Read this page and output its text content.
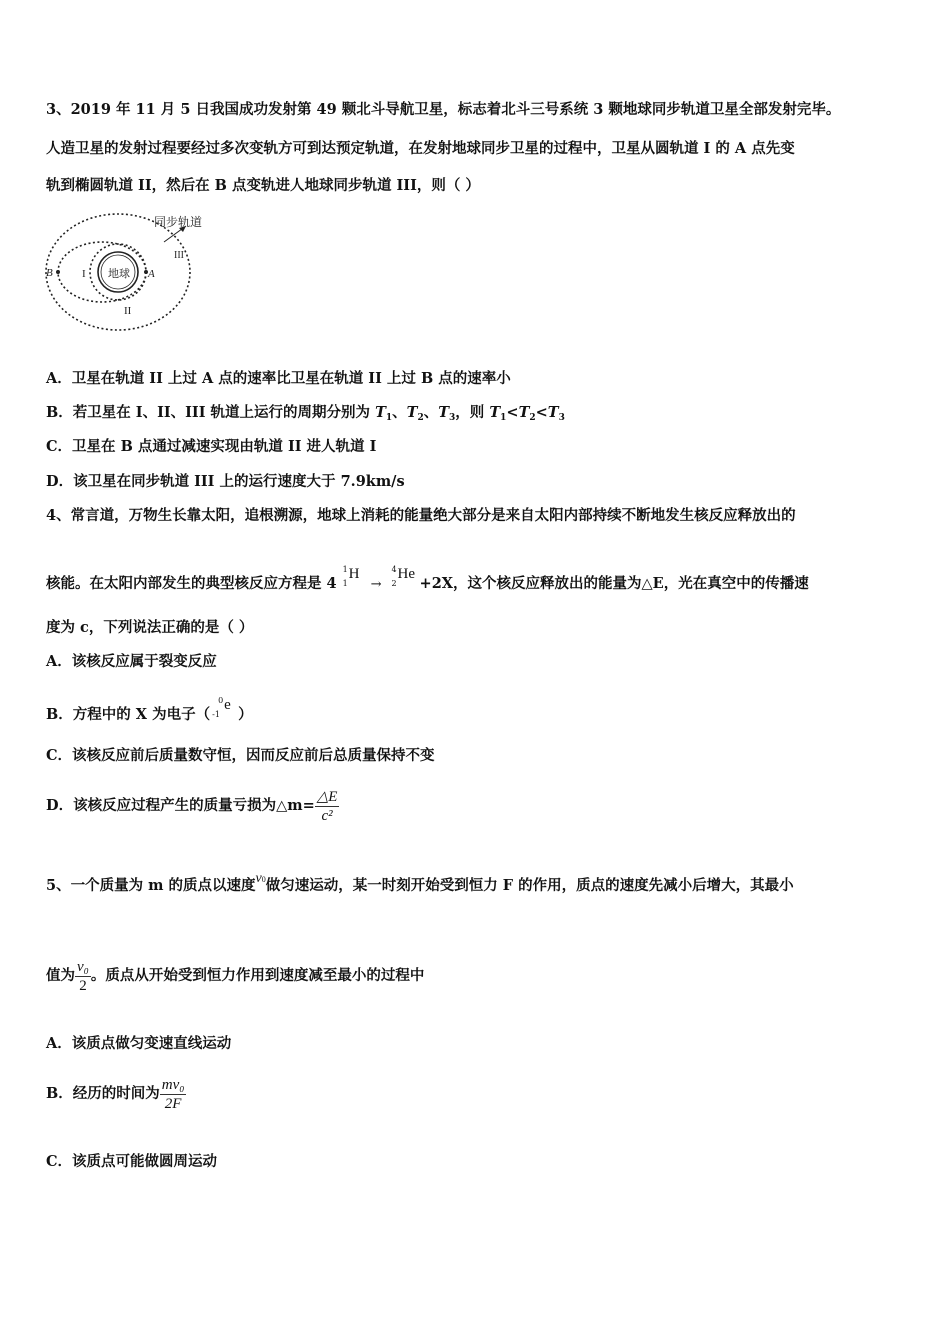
3、2019 年 11 月 5 日我国成功发射第 49 颗北斗导航卫星，标志着北斗三号系统 3 颗地球同步轨道卫星全部发射完毕。
人造卫星的发射过程要经过多次变轨方可到达预定轨道，在发射地球同步卫星的过程中，卫星从圆轨道 I 的 A 点先变
轨到椭圆轨道 II，然后在 B 点变轨进人地球同步轨道 III，则（ ）
同步轨道
地球
I
II
III
B	A
A．卫星在轨道 II 上过 A 点的速率比卫星在轨道 II 上过 B 点的速率小
B．若卫星在 I、II、III 轨道上运行的周期分别为 $T_1$、$T_2$、$T_3$，则 $T_1<T_2<T_3$
C．卫星在 B 点通过减速实现由轨道 II 进人轨道 I
D．该卫星在同步轨道 III 上的运行速度大于 7.9km/s
4、常言道，万物生长靠太阳，追根溯源，地球上消耗的能量绝大部分是来自太阳内部持续不断地发生核反应释放出的
核能。在太阳内部发生的典型核反应方程是 4
1
1
H
→
4
2
He
+2X，这个核反应释放出的能量为△E，光在真空中的传播速
度为 c，下列说法正确的是（ ）
A．该核反应属于裂变反应
B．方程中的 X 为电子（
0
-1
e
）
C．该核反应前后质量数守恒，因而反应前后总质量保持不变
D．该核反应过程产生的质量亏损为△m= $\frac{\triangle E}{\text{c²}}$
5、一个质量为 m 的质点以速度v0做匀速运动，某一时刻开始受到恒力 F 的作用，质点的速度先减小后增大，其最小
值为 $\frac{\text{v₀}}{2}$ 。质点从开始受到恒力作用到速度减至最小的过程中
A．该质点做匀变速直线运动
B．经历的时间为 $\frac{\text{mv₀}}{2F}$
C．该质点可能做圆周运动
